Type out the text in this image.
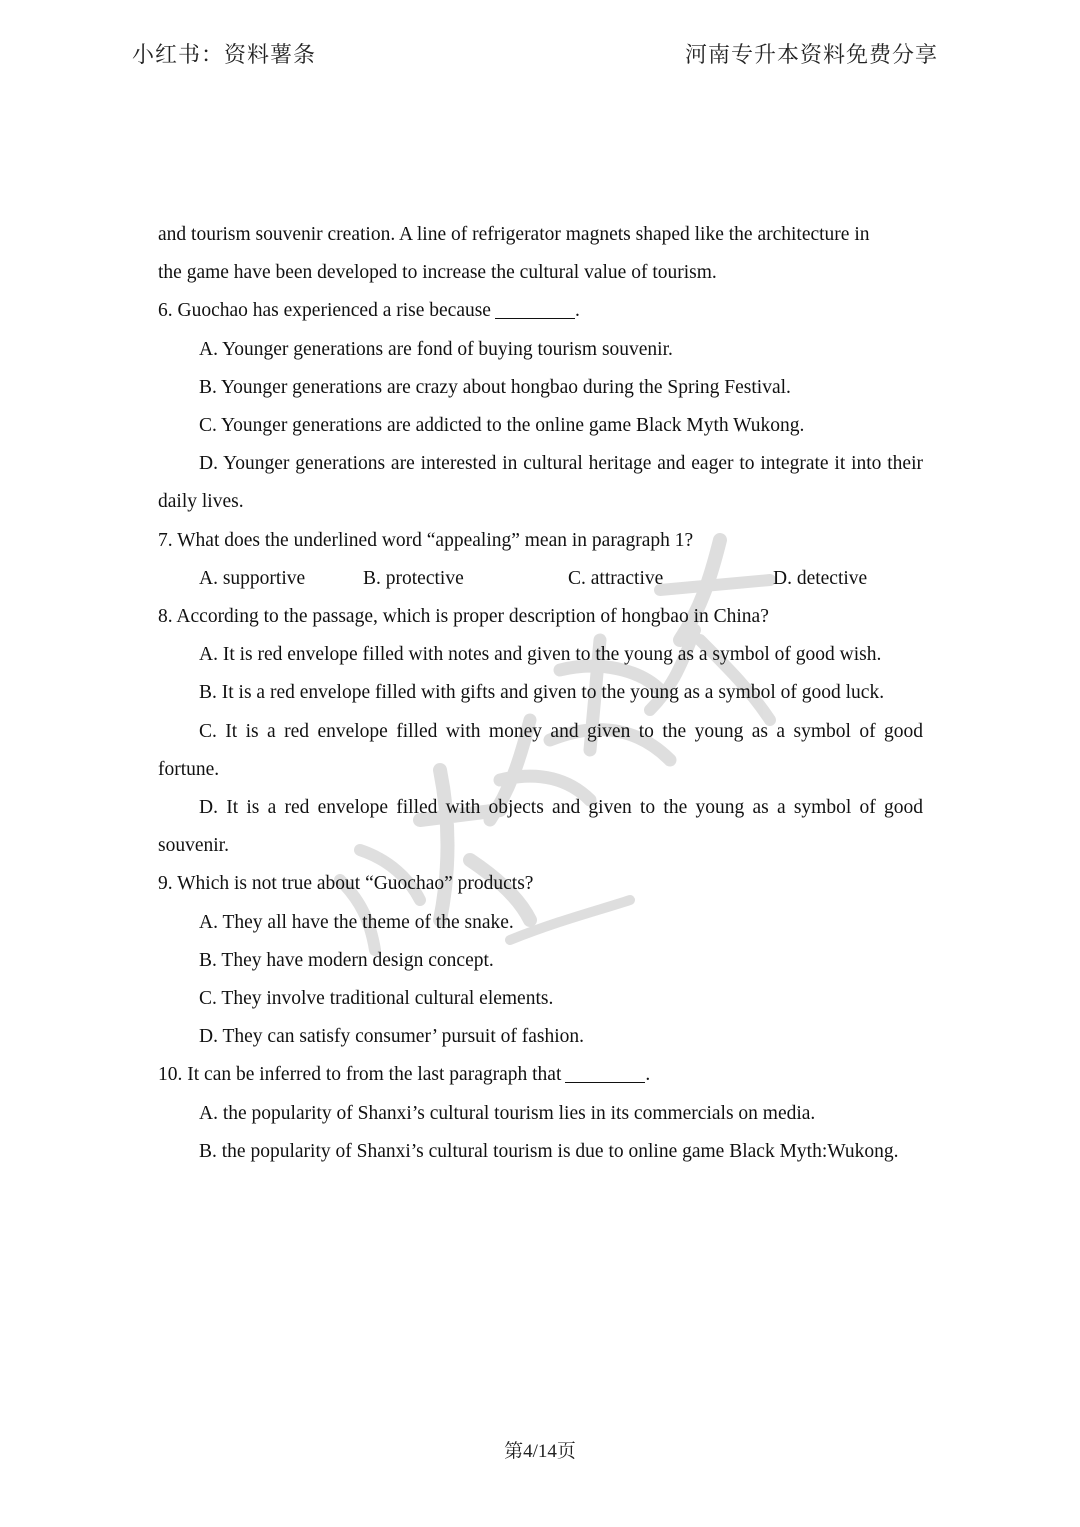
小红书：资料薯条	河南专升本资料免费分享

and tourism souvenir creation. A line of refrigerator magnets shaped like the architecture in

the game have been developed to increase the cultural value of tourism.

6. Guochao has experienced a rise because	.

A. Younger generations are fond of buying tourism souvenir.

B. Younger generations are crazy about hongbao during the Spring Festival.

C. Younger generations are addicted to the online game Black Myth Wukong.

D. Younger generations are interested in cultural heritage and eager to integrate it into their daily lives.

7. What does the underlined word “appealing” mean in paragraph 1?

A. supportive	B. protective	C. attractive	D. detective

8. According to the passage, which is proper description of hongbao in China?

A. It is red envelope filled with notes and given to the young as a symbol of good wish.

B. It is a red envelope filled with gifts and given to the young as a symbol of good luck.

C. It is a red envelope filled with money and given to the young as a symbol of good fortune.

D. It is a red envelope filled with objects and given to the young as a symbol of good souvenir.

9. Which is not true about “Guochao” products?

A. They all have the theme of the snake.

B. They have modern design concept.

C. They involve traditional cultural elements.

D. They can satisfy consumer’ pursuit of fashion.

10. It can be inferred to from the last paragraph that	.

A. the popularity of Shanxi’s cultural tourism lies in its commercials on media.

B. the popularity of Shanxi’s cultural tourism is due to online game Black Myth:Wukong.

第4/14页
